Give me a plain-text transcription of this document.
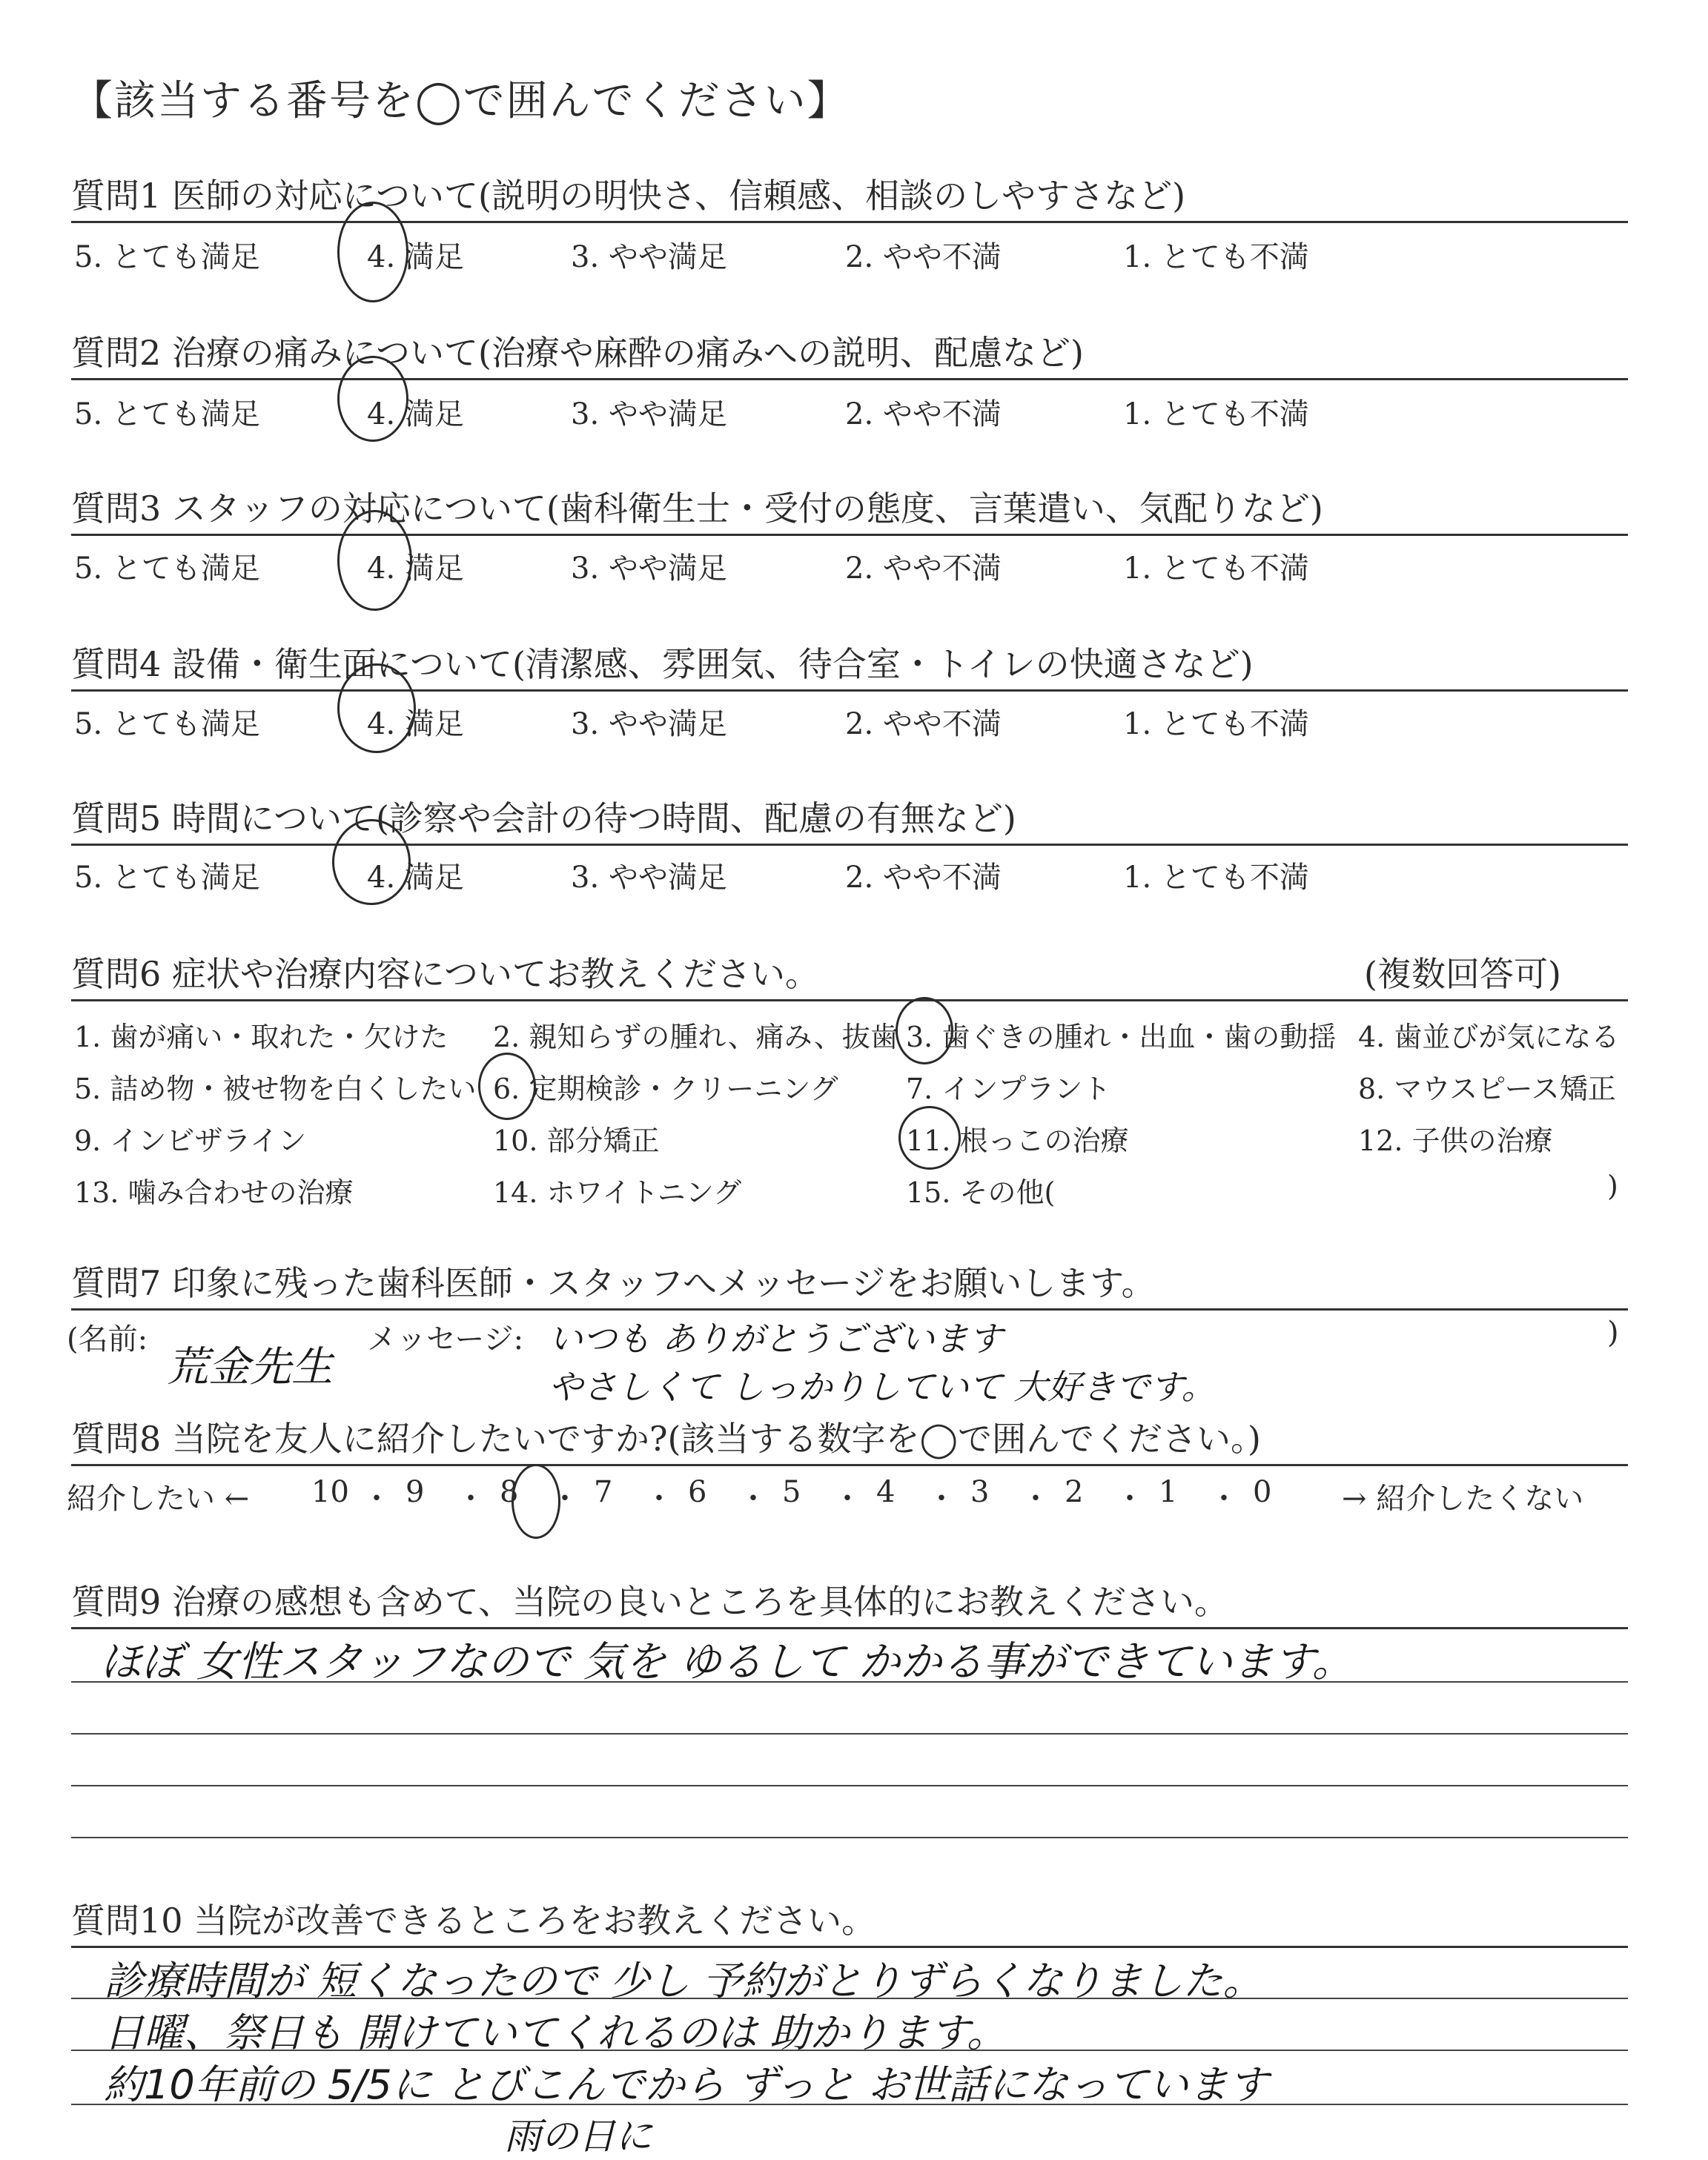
【該当する番号を◯で囲んでください】
質問1 医師の対応について(説明の明快さ、信頼感、相談のしやすさなど)
5. とても満足	4. 満足	3. やや満足	2. やや不満	1. とても不満
質問2 治療の痛みについて(治療や麻酔の痛みへの説明、配慮など)
5. とても満足	4. 満足	3. やや満足	2. やや不満	1. とても不満
質問3 スタッフの対応について(歯科衛生士・受付の態度、言葉遣い、気配りなど)
5. とても満足	4. 満足	3. やや満足	2. やや不満	1. とても不満
質問4 設備・衛生面について(清潔感、雰囲気、待合室・トイレの快適さなど)
5. とても満足	4. 満足	3. やや満足	2. やや不満	1. とても不満
質問5 時間について(診察や会計の待つ時間、配慮の有無など)
5. とても満足	4. 満足	3. やや満足	2. やや不満	1. とても不満
質問6 症状や治療内容についてお教えください。	(複数回答可)
1. 歯が痛い・取れた・欠けた 2. 親知らずの腫れ、痛み、抜歯 3. 歯ぐきの腫れ・出血・歯の動揺 4. 歯並びが気になる
5. 詰め物・被せ物を白くしたい 6. 定期検診・クリーニング 7. インプラント	8. マウスピース矯正
9. インビザライン	10. 部分矯正	11. 根っこの治療	12. 子供の治療
13. 噛み合わせの治療	14. ホワイトニング	15. その他(	)
質問7 印象に残った歯科医師・スタッフへメッセージをお願いします。
(名前:
荒金先生
メッセージ: いつも ありがとうございます
やさしくて しっかりしていて 大好きです。
)
質問8 当院を友人に紹介したいですか?(該当する数字を◯で囲んでください。)
紹介したい ←	→ 紹介したくない
10 ・ 9 ・ 8 ・ 7 ・ 6 ・ 5 ・ 4 ・ 3 ・ 2 ・ 1 ・ 0
質問9 治療の感想も含めて、当院の良いところを具体的にお教えください。
ほぼ 女性スタッフなので 気を ゆるして かかる事ができています。
質問10 当院が改善できるところをお教えください。
診療時間が 短くなったので 少し 予約がとりずらくなりました。
日曜、祭日も 開けていてくれるのは 助かります。
約10年前の 5/5に とびこんでから ずっと お世話になっています
雨の日に
